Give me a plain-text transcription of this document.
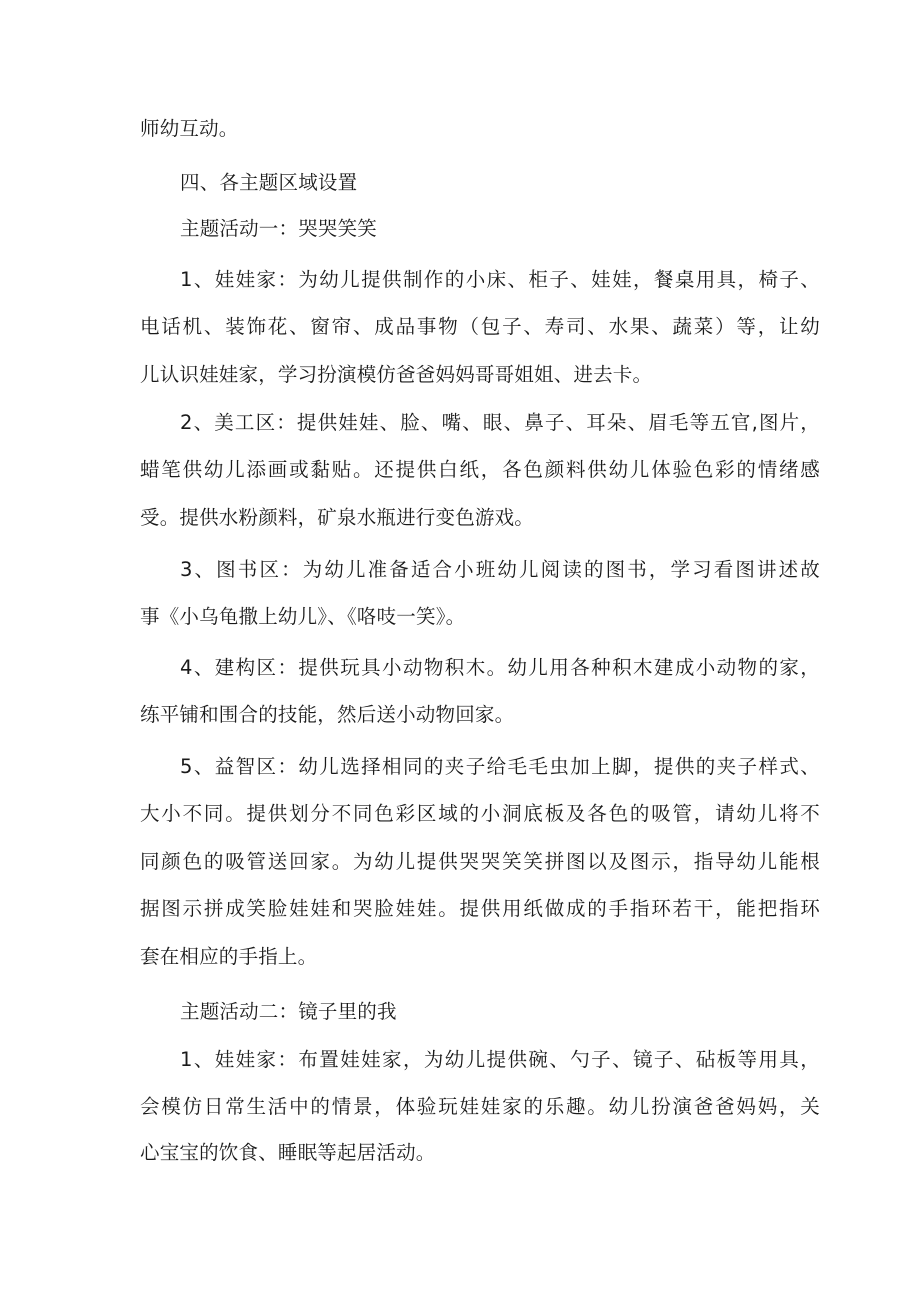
师幼互动。
四、各主题区域设置
主题活动一：哭哭笑笑
1、娃娃家：为幼儿提供制作的小床、柜子、娃娃，餐桌用具，椅子、
电话机、装饰花、窗帘、成品事物（包子、寿司、水果、蔬菜）等，让幼
儿认识娃娃家，学习扮演模仿爸爸妈妈哥哥姐姐、进去卡。
2、美工区：提供娃娃、脸、嘴、眼、鼻子、耳朵、眉毛等五官,图片，
蜡笔供幼儿添画或黏贴。还提供白纸，各色颜料供幼儿体验色彩的情绪感
受。提供水粉颜料，矿泉水瓶进行变色游戏。
3、图书区：为幼儿准备适合小班幼儿阅读的图书，学习看图讲述故
事《小乌龟撒上幼儿》、《咯吱一笑》。
4、建构区：提供玩具小动物积木。幼儿用各种积木建成小动物的家，
练平铺和围合的技能，然后送小动物回家。
5、益智区：幼儿选择相同的夹子给毛毛虫加上脚，提供的夹子样式、
大小不同。提供划分不同色彩区域的小洞底板及各色的吸管，请幼儿将不
同颜色的吸管送回家。为幼儿提供哭哭笑笑拼图以及图示，指导幼儿能根
据图示拼成笑脸娃娃和哭脸娃娃。提供用纸做成的手指环若干，能把指环
套在相应的手指上。
主题活动二：镜子里的我
1、娃娃家：布置娃娃家，为幼儿提供碗、勺子、镜子、砧板等用具，
会模仿日常生活中的情景，体验玩娃娃家的乐趣。幼儿扮演爸爸妈妈，关
心宝宝的饮食、睡眠等起居活动。
